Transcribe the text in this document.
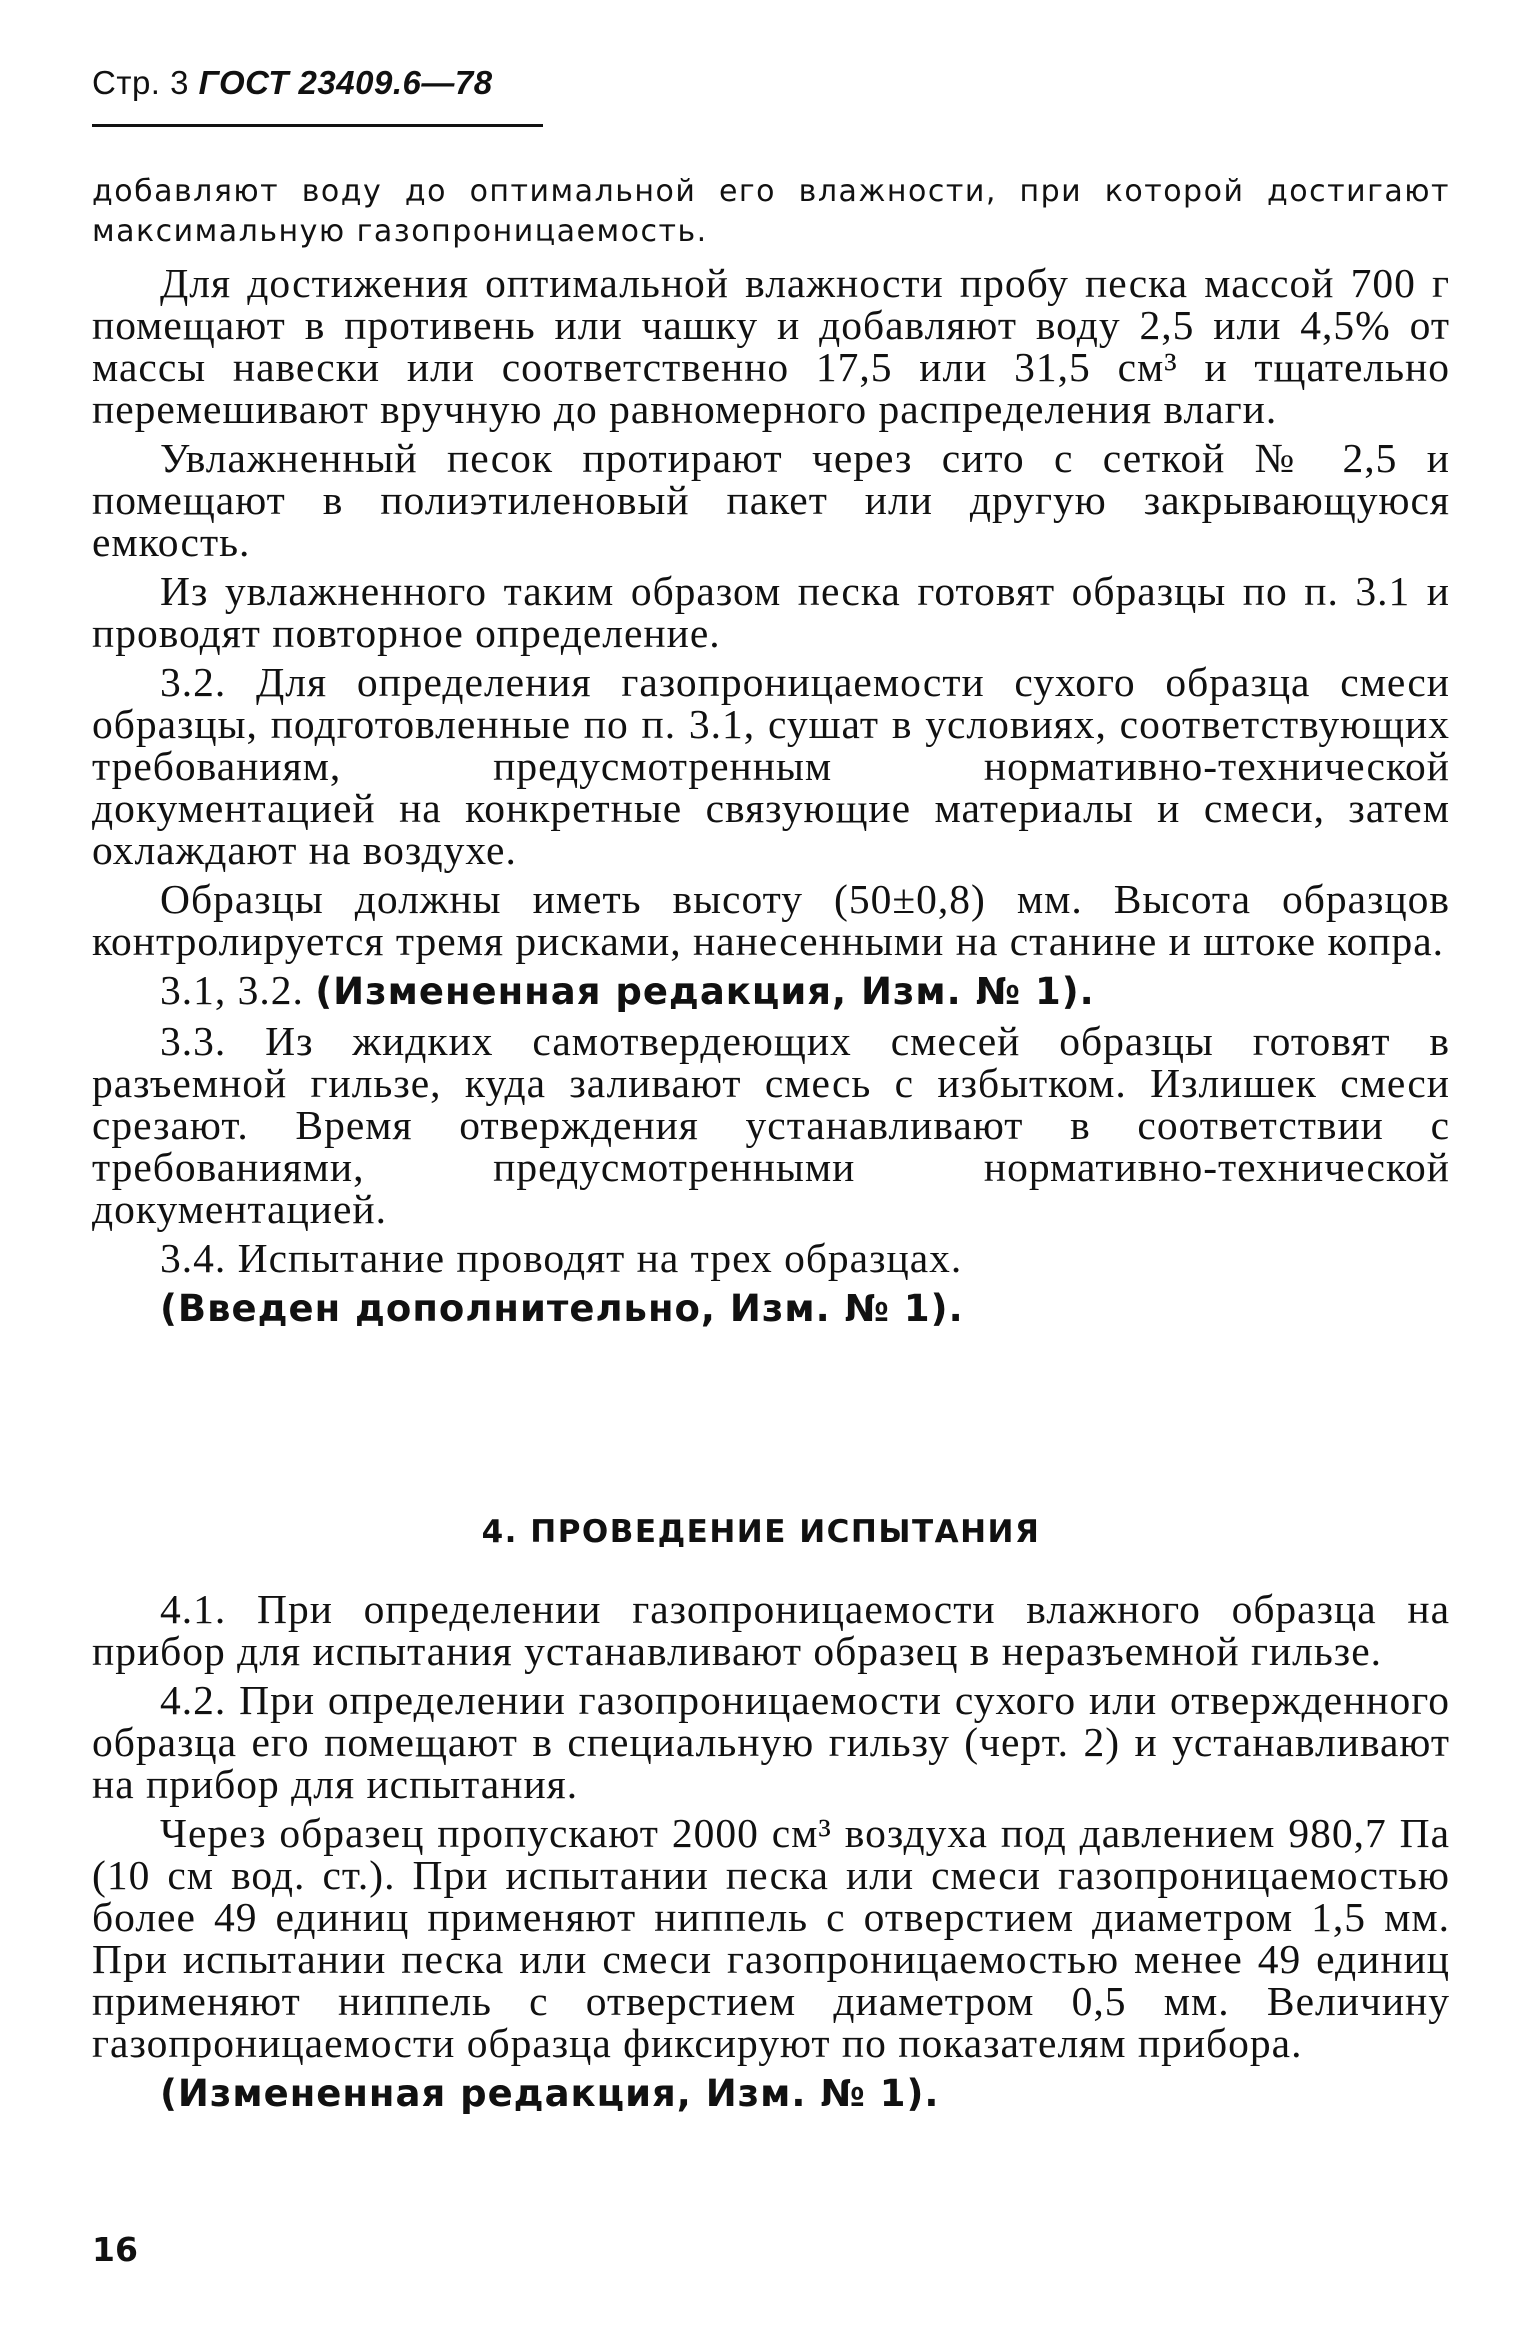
Стр. 3 ГОСТ 23409.6—78
добавляют воду до оптимальной его влажности, при которой достигают максимальную газопроницаемость.

Для достижения оптимальной влажности пробу песка массой 700 г помещают в противень или чашку и добавляют воду 2,5 или 4,5% от массы навески или соответственно 17,5 или 31,5 см³ и тщательно перемешивают вручную до равномерного распределения влаги.

Увлажненный песок протирают через сито с сеткой № 2,5 и помещают в полиэтиленовый пакет или другую закрывающуюся емкость.

Из увлажненного таким образом песка готовят образцы по п. 3.1 и проводят повторное определение.

3.2. Для определения газопроницаемости сухого образца смеси образцы, подготовленные по п. 3.1, сушат в условиях, соответствующих требованиям, предусмотренным нормативно-технической документацией на конкретные связующие материалы и смеси, затем охлаждают на воздухе.

Образцы должны иметь высоту (50±0,8) мм. Высота образцов контролируется тремя рисками, нанесенными на станине и штоке копра.

3.1, 3.2. (Измененная редакция, Изм. № 1).

3.3. Из жидких самотвердеющих смесей образцы готовят в разъемной гильзе, куда заливают смесь с избытком. Излишек смеси срезают. Время отверждения устанавливают в соответствии с требованиями, предусмотренными нормативно-технической документацией.

3.4. Испытание проводят на трех образцах.

(Введен дополнительно, Изм. № 1).

4. ПРОВЕДЕНИЕ ИСПЫТАНИЯ

4.1. При определении газопроницаемости влажного образца на прибор для испытания устанавливают образец в неразъемной гильзе.

4.2. При определении газопроницаемости сухого или отвержденного образца его помещают в специальную гильзу (черт. 2) и устанавливают на прибор для испытания.

Через образец пропускают 2000 см³ воздуха под давлением 980,7 Па (10 см вод. ст.). При испытании песка или смеси газопроницаемостью более 49 единиц применяют ниппель с отверстием диаметром 1,5 мм. При испытании песка или смеси газопроницаемостью менее 49 единиц применяют ниппель с отверстием диаметром 0,5 мм. Величину газопроницаемости образца фиксируют по показателям прибора.

(Измененная редакция, Изм. № 1).

16
